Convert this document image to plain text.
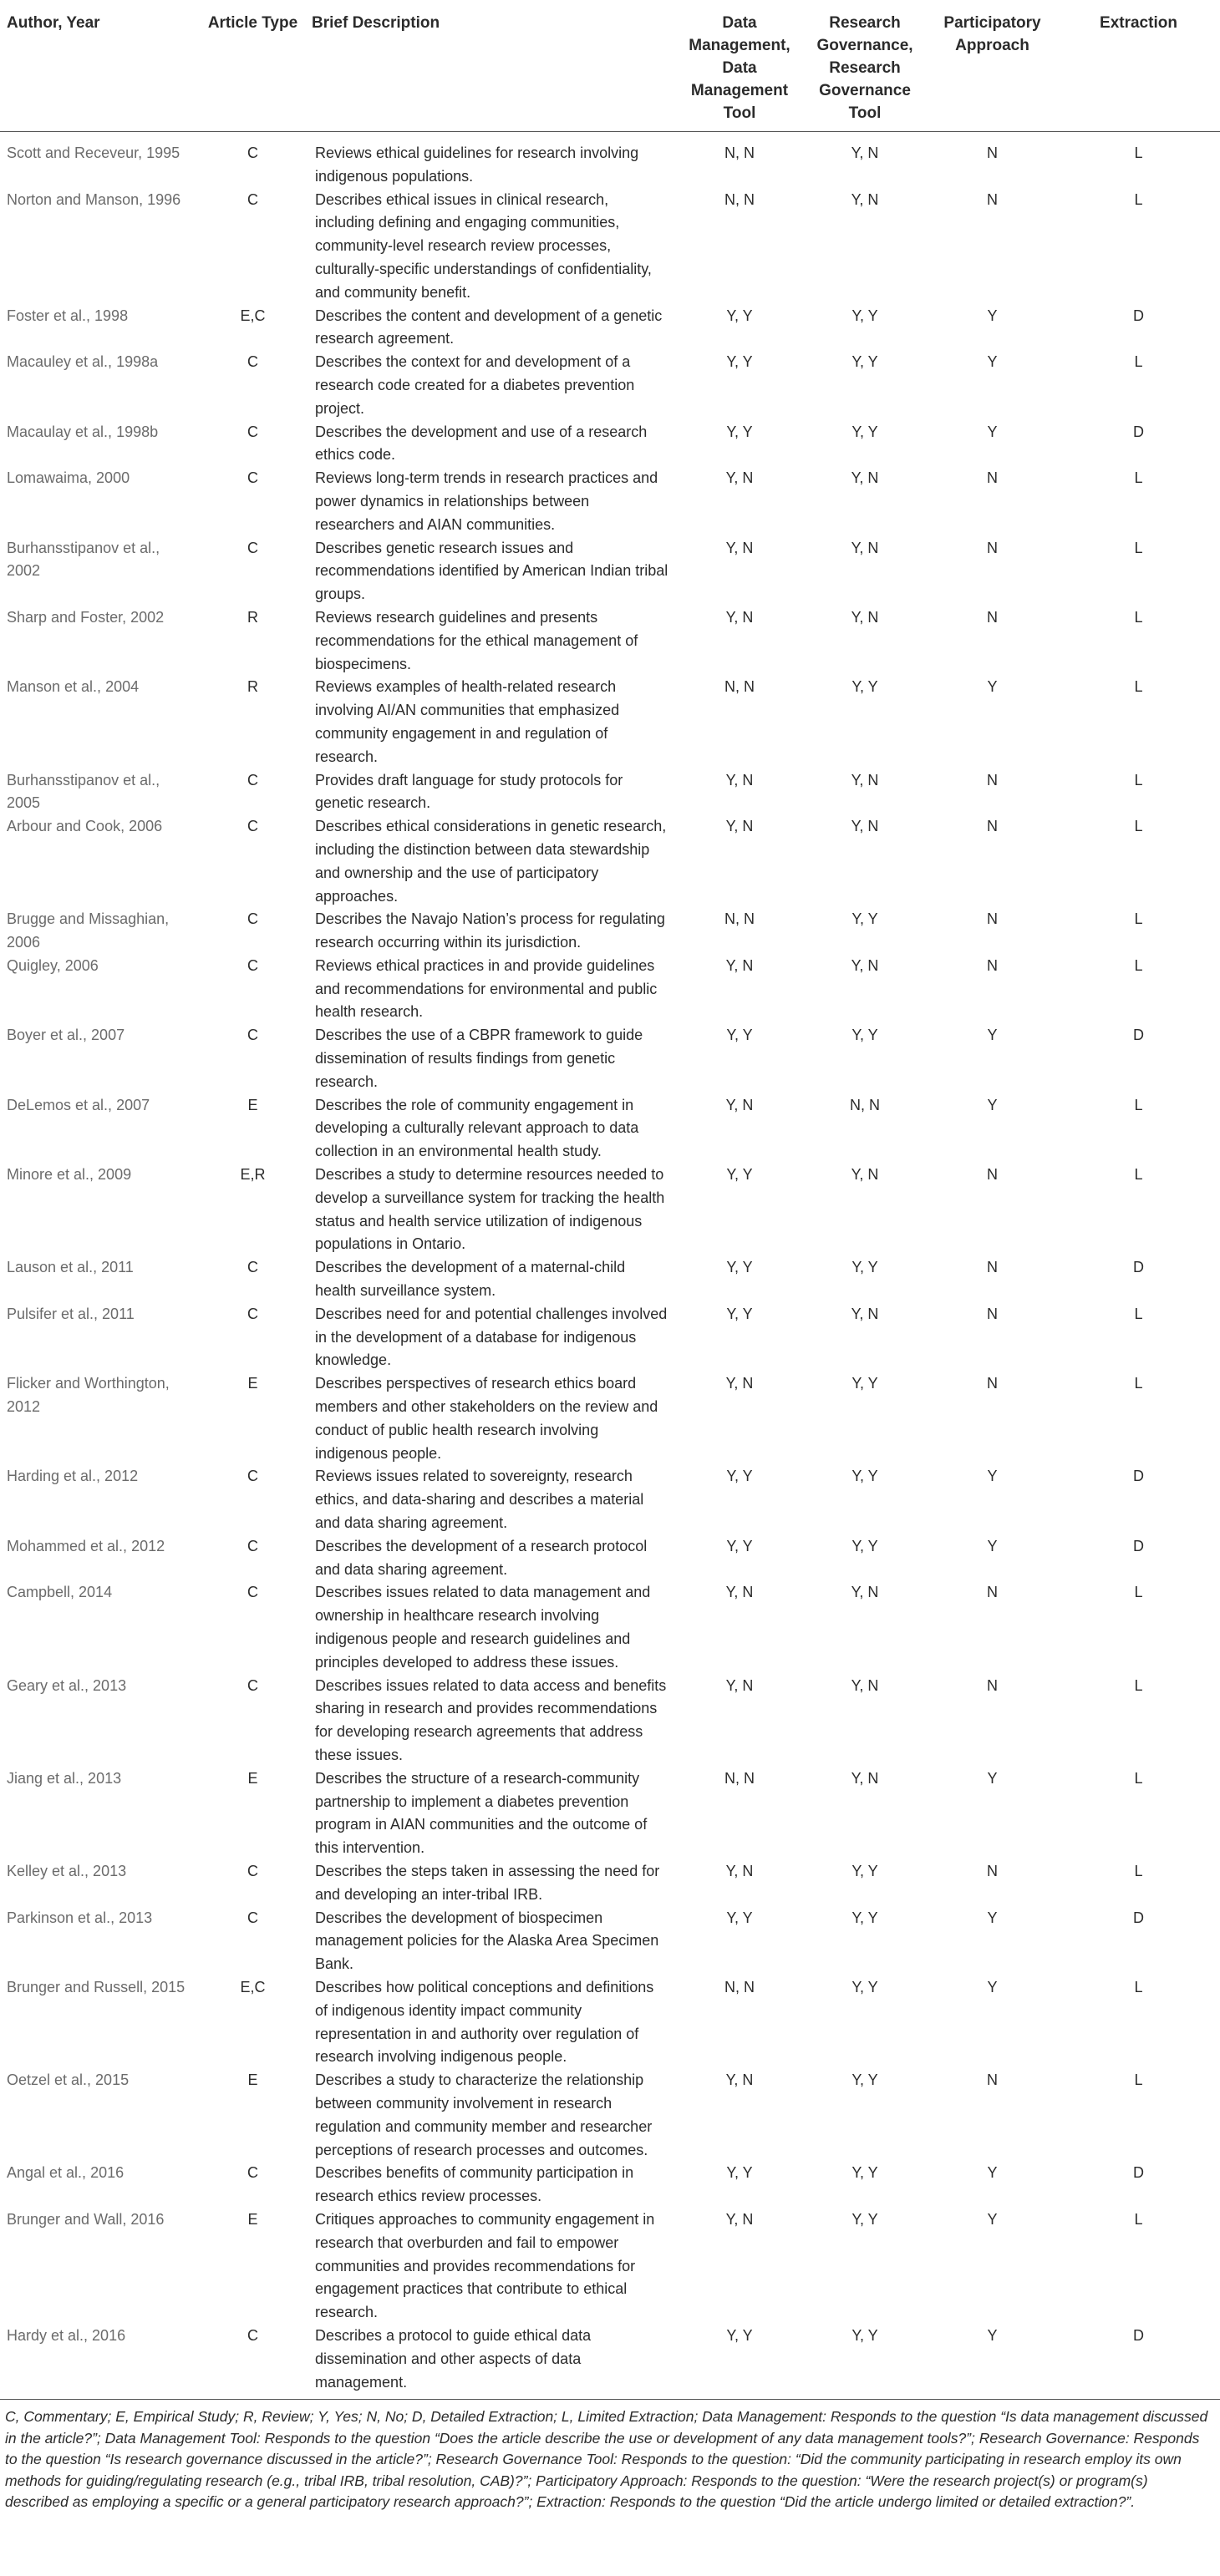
Author, Year	Article Type	Brief Description	Data Management, Data Management Tool	Research Governance, Research Governance Tool	Participatory Approach	Extraction
Scott and Receveur, 1995	C	Reviews ethical guidelines for research involving indigenous populations.	N, N	Y, N	N	L
Norton and Manson, 1996	C	Describes ethical issues in clinical research, including defining and engaging communities, community-level research review processes, culturally-specific understandings of confidentiality, and community benefit.	N, N	Y, N	N	L
Foster et al., 1998	E,C	Describes the content and development of a genetic research agreement.	Y, Y	Y, Y	Y	D
Macauley et al., 1998a	C	Describes the context for and development of a research code created for a diabetes prevention project.	Y, Y	Y, Y	Y	L
Macaulay et al., 1998b	C	Describes the development and use of a research ethics code.	Y, Y	Y, Y	Y	D
Lomawaima, 2000	C	Reviews long-term trends in research practices and power dynamics in relationships between researchers and AIAN communities.	Y, N	Y, N	N	L
Burhansstipanov et al., 2002	C	Describes genetic research issues and recommendations identified by American Indian tribal groups.	Y, N	Y, N	N	L
Sharp and Foster, 2002	R	Reviews research guidelines and presents recommendations for the ethical management of biospecimens.	Y, N	Y, N	N	L
Manson et al., 2004	R	Reviews examples of health-related research involving AI/AN communities that emphasized community engagement in and regulation of research.	N, N	Y, Y	Y	L
Burhansstipanov et al., 2005	C	Provides draft language for study protocols for genetic research.	Y, N	Y, N	N	L
Arbour and Cook, 2006	C	Describes ethical considerations in genetic research, including the distinction between data stewardship and ownership and the use of participatory approaches.	Y, N	Y, N	N	L
Brugge and Missaghian, 2006	C	Describes the Navajo Nation’s process for regulating research occurring within its jurisdiction.	N, N	Y, Y	N	L
Quigley, 2006	C	Reviews ethical practices in and provide guidelines and recommendations for environmental and public health research.	Y, N	Y, N	N	L
Boyer et al., 2007	C	Describes the use of a CBPR framework to guide dissemination of results findings from genetic research.	Y, Y	Y, Y	Y	D
DeLemos et al., 2007	E	Describes the role of community engagement in developing a culturally relevant approach to data collection in an environmental health study.	Y, N	N, N	Y	L
Minore et al., 2009	E,R	Describes a study to determine resources needed to develop a surveillance system for tracking the health status and health service utilization of indigenous populations in Ontario.	Y, Y	Y, N	N	L
Lauson et al., 2011	C	Describes the development of a maternal-child health surveillance system.	Y, Y	Y, Y	N	D
Pulsifer et al., 2011	C	Describes need for and potential challenges involved in the development of a database for indigenous knowledge.	Y, Y	Y, N	N	L
Flicker and Worthington, 2012	E	Describes perspectives of research ethics board members and other stakeholders on the review and conduct of public health research involving indigenous people.	Y, N	Y, Y	N	L
Harding et al., 2012	C	Reviews issues related to sovereignty, research ethics, and data-sharing and describes a material and data sharing agreement.	Y, Y	Y, Y	Y	D
Mohammed et al., 2012	C	Describes the development of a research protocol and data sharing agreement.	Y, Y	Y, Y	Y	D
Campbell, 2014	C	Describes issues related to data management and ownership in healthcare research involving indigenous people and research guidelines and principles developed to address these issues.	Y, N	Y, N	N	L
Geary et al., 2013	C	Describes issues related to data access and benefits sharing in research and provides recommendations for developing research agreements that address these issues.	Y, N	Y, N	N	L
Jiang et al., 2013	E	Describes the structure of a research-community partnership to implement a diabetes prevention program in AIAN communities and the outcome of this intervention.	N, N	Y, N	Y	L
Kelley et al., 2013	C	Describes the steps taken in assessing the need for and developing an inter-tribal IRB.	Y, N	Y, Y	N	L
Parkinson et al., 2013	C	Describes the development of biospecimen management policies for the Alaska Area Specimen Bank.	Y, Y	Y, Y	Y	D
Brunger and Russell, 2015	E,C	Describes how political conceptions and definitions of indigenous identity impact community representation in and authority over regulation of research involving indigenous people.	N, N	Y, Y	Y	L
Oetzel et al., 2015	E	Describes a study to characterize the relationship between community involvement in research regulation and community member and researcher perceptions of research processes and outcomes.	Y, N	Y, Y	N	L
Angal et al., 2016	C	Describes benefits of community participation in research ethics review processes.	Y, Y	Y, Y	Y	D
Brunger and Wall, 2016	E	Critiques approaches to community engagement in research that overburden and fail to empower communities and provides recommendations for engagement practices that contribute to ethical research.	Y, N	Y, Y	Y	L
Hardy et al., 2016	C	Describes a protocol to guide ethical data dissemination and other aspects of data management.	Y, Y	Y, Y	Y	D
C, Commentary; E, Empirical Study; R, Review; Y, Yes; N, No; D, Detailed Extraction; L, Limited Extraction; Data Management: Responds to the question “Is data management discussed in the article?”; Data Management Tool: Responds to the question “Does the article describe the use or development of any data management tools?”; Research Governance: Responds to the question “Is research governance discussed in the article?”; Research Governance Tool: Responds to the question: “Did the community participating in research employ its own methods for guiding/regulating research (e.g., tribal IRB, tribal resolution, CAB)?”; Participatory Approach: Responds to the question: “Were the research project(s) or program(s) described as employing a specific or a general participatory research approach?”; Extraction: Responds to the question “Did the article undergo limited or detailed extraction?”.
